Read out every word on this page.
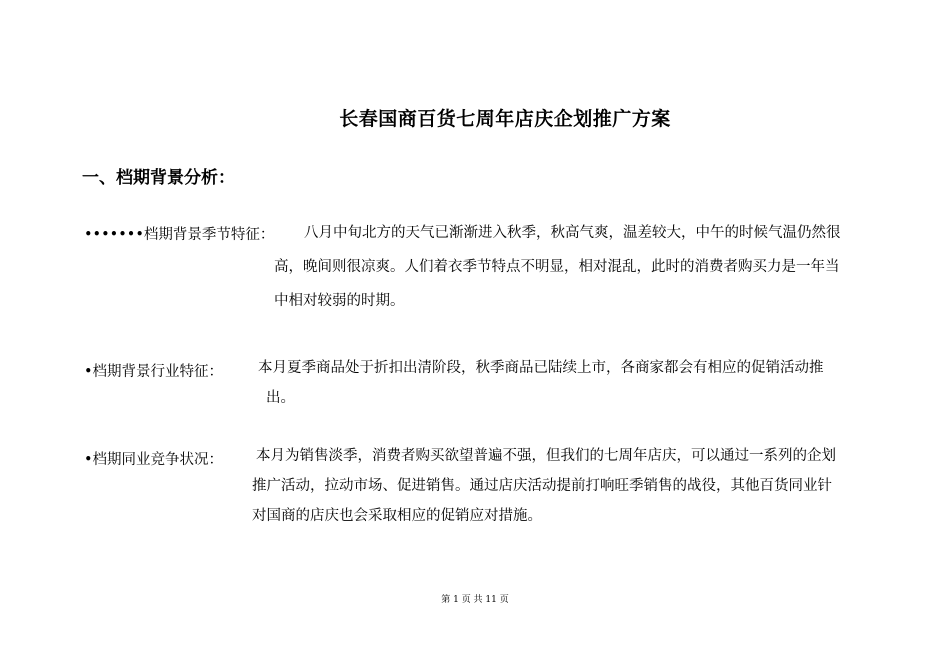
长春国商百货七周年店庆企划推广方案
一、档期背景分析：
•••••••档期背景季节特征： 八月中旬北方的天气已渐渐进入秋季，秋高气爽，温差较大，中午的时候气温仍然很
高，晚间则很凉爽。人们着衣季节特点不明显，相对混乱，此时的消费者购买力是一年当
中相对较弱的时期。
•档期背景行业特征： 本月夏季商品处于折扣出清阶段，秋季商品已陆续上市，各商家都会有相应的促销活动推
出。
•档期同业竞争状况： 本月为销售淡季，消费者购买欲望普遍不强，但我们的七周年店庆，可以通过一系列的企划
推广活动，拉动市场、促进销售。通过店庆活动提前打响旺季销售的战役，其他百货同业针
对国商的店庆也会采取相应的促销应对措施。
第 1 页 共 11 页
